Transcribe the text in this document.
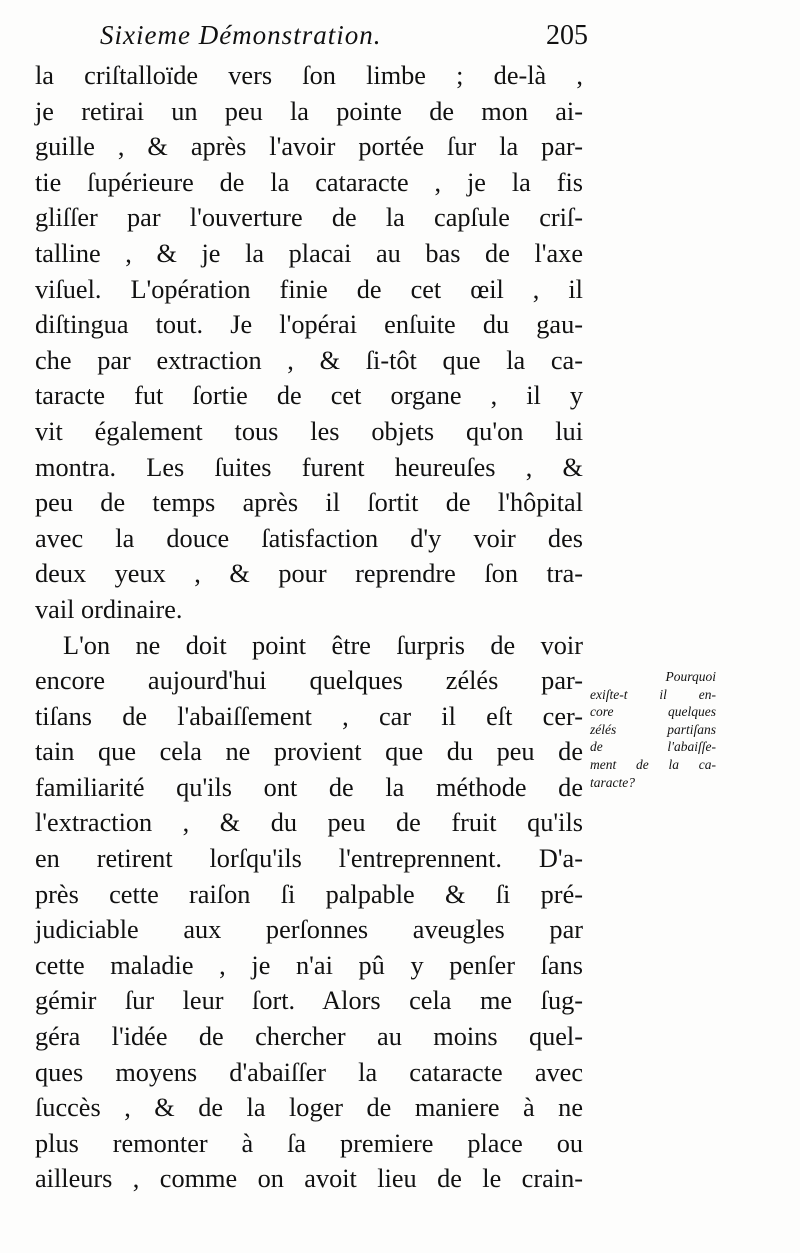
Sixieme Démonstration.	205
la criſtalloïde vers ſon limbe ; de-là ,
je retirai un peu la pointe de mon ai-
guille , & après l'avoir portée ſur la par-
tie ſupérieure de la cataracte , je la fis
gliſſer par l'ouverture de la capſule criſ-
talline , & je la placai au bas de l'axe
viſuel. L'opération finie de cet œil , il
diſtingua tout. Je l'opérai enſuite du gau-
che par extraction , & ſi-tôt que la ca-
taracte fut ſortie de cet organe , il y
vit également tous les objets qu'on lui
montra. Les ſuites furent heureuſes , &
peu de temps après il ſortit de l'hôpital
avec la douce ſatisfaction d'y voir des
deux yeux , & pour reprendre ſon tra-
vail ordinaire.
L'on ne doit point être ſurpris de voir
encore aujourd'hui quelques zélés par-
tiſans de l'abaiſſement , car il eſt cer-
tain que cela ne provient que du peu de
familiarité qu'ils ont de la méthode de
l'extraction , & du peu de fruit qu'ils
en retirent lorſqu'ils l'entreprennent. D'a-
près cette raiſon ſi palpable & ſi pré-
judiciable aux perſonnes aveugles par
cette maladie , je n'ai pû y penſer ſans
gémir ſur leur ſort. Alors cela me ſug-
géra l'idée de chercher au moins quel-
ques moyens d'abaiſſer la cataracte avec
ſuccès , & de la loger de maniere à ne
plus remonter à ſa premiere place ou
ailleurs , comme on avoit lieu de le crain-
Pourquoi
exiſte-t il en-
core quelques
zélés partiſans
de l'abaiſſe-
ment de la ca-
taracte?
